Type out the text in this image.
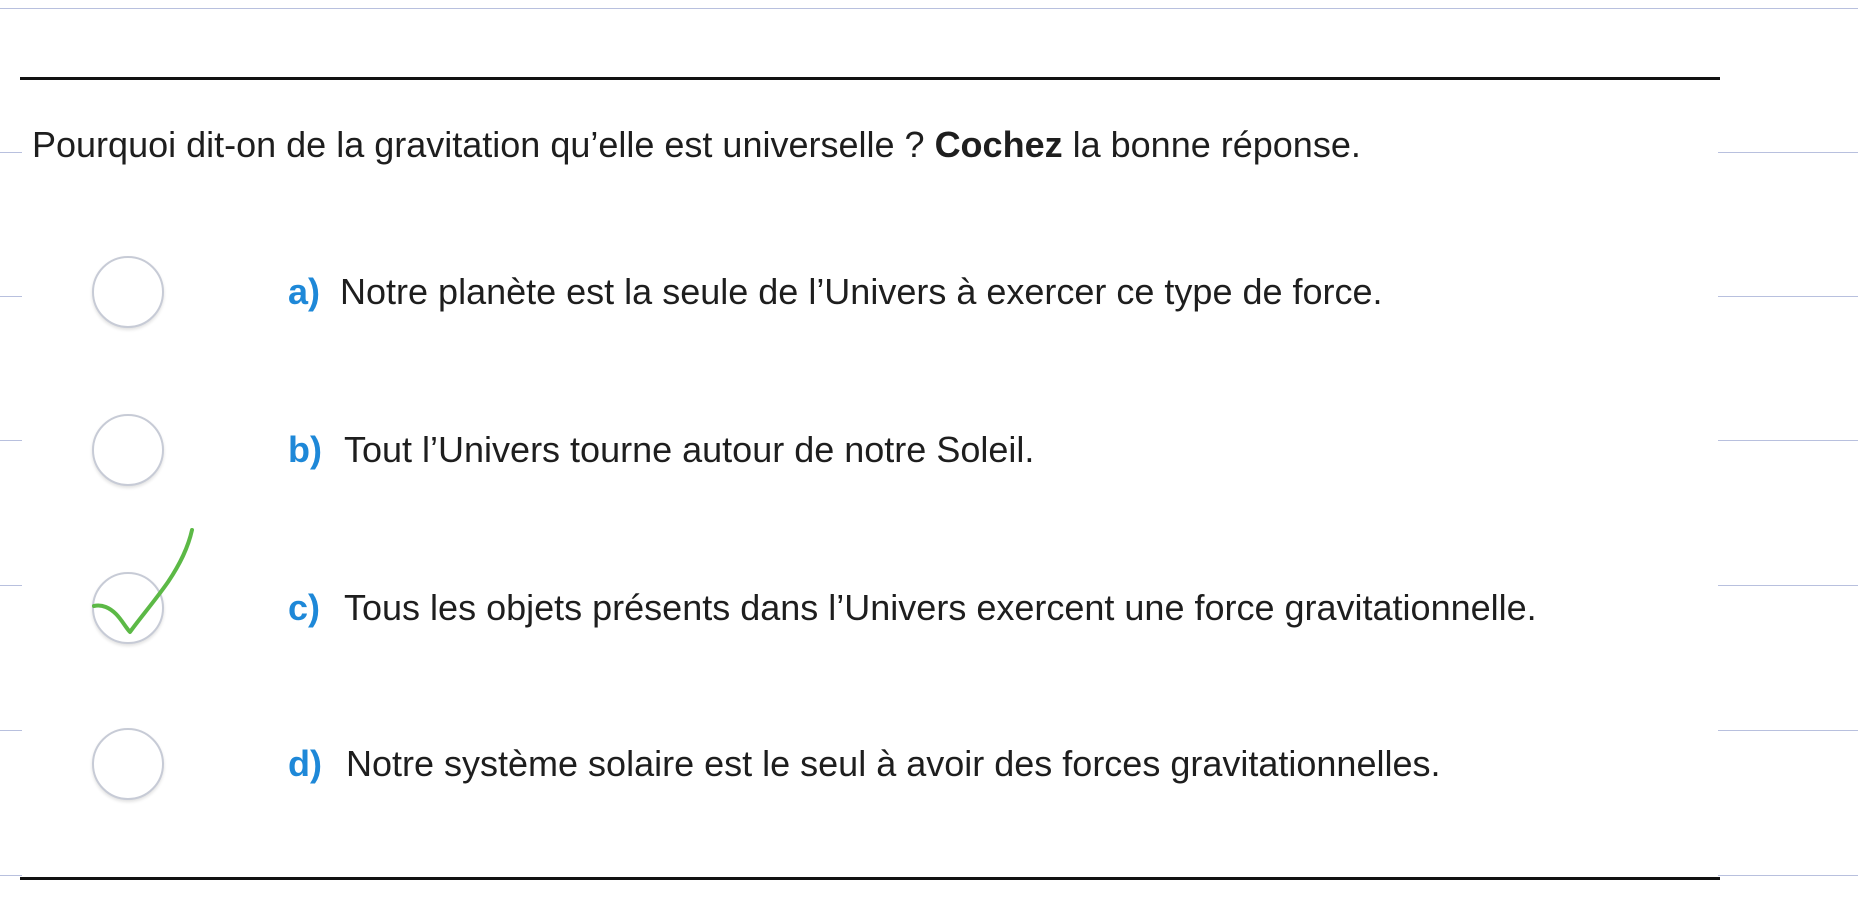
Pourquoi dit-on de la gravitation qu’elle est universelle ? Cochez la bonne réponse.
a) Notre planète est la seule de l’Univers à exercer ce type de force.
b) Tout l’Univers tourne autour de notre Soleil.
c) Tous les objets présents dans l’Univers exercent une force gravitationnelle.
d) Notre système solaire est le seul à avoir des forces gravitationnelles.
